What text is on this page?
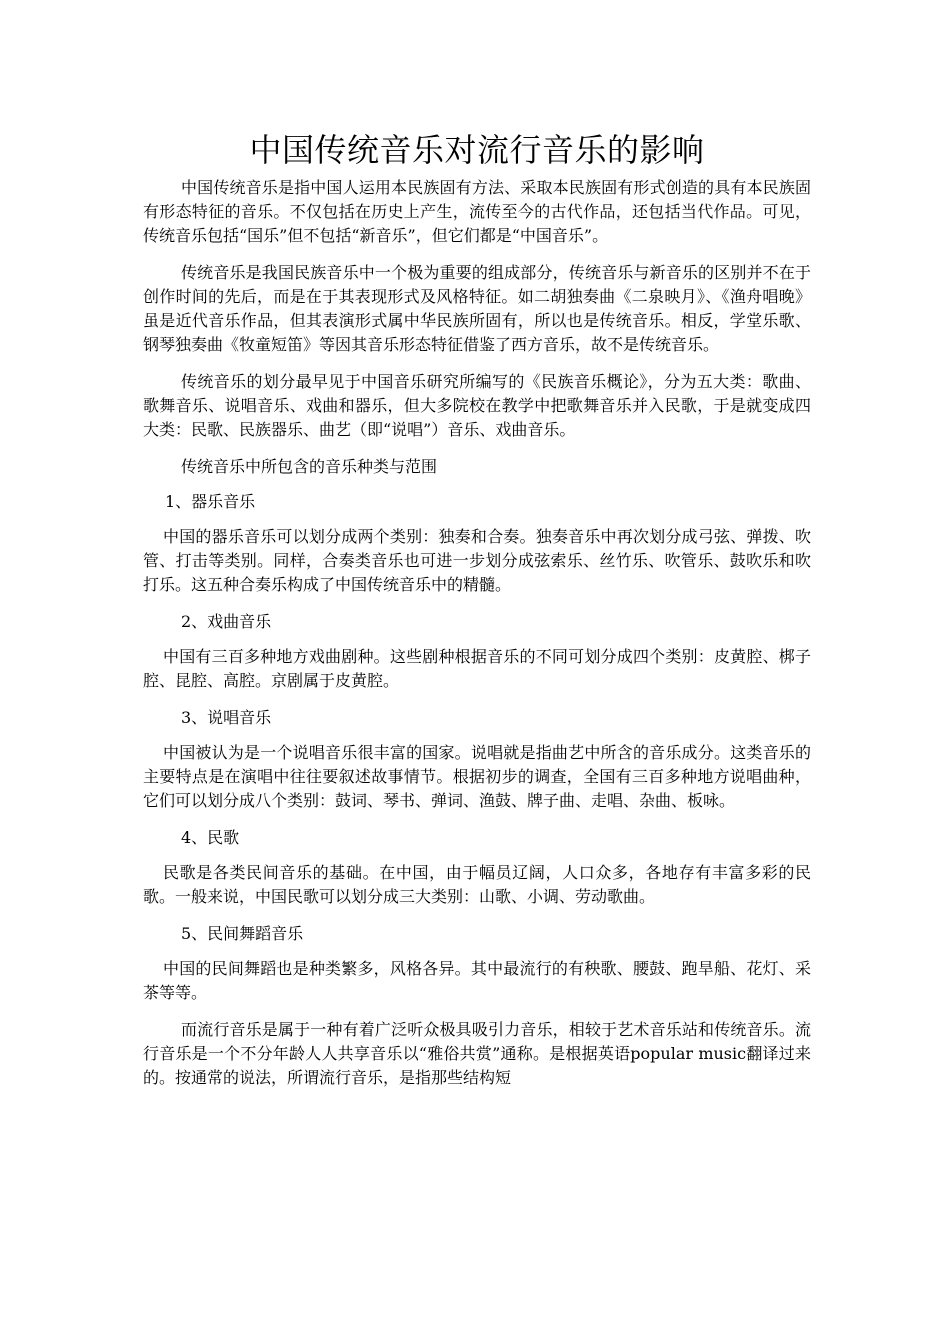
中国传统音乐对流行音乐的影响

中国传统音乐是指中国人运用本民族固有方法、采取本民族固有形式创造的具有本民族固有形态特征的音乐。不仅包括在历史上产生，流传至今的古代作品，还包括当代作品。可见，传统音乐包括“国乐”但不包括“新音乐”，但它们都是“中国音乐”。

传统音乐是我国民族音乐中一个极为重要的组成部分，传统音乐与新音乐的区别并不在于创作时间的先后，而是在于其表现形式及风格特征。如二胡独奏曲《二泉映月》、《渔舟唱晚》虽是近代音乐作品，但其表演形式属中华民族所固有，所以也是传统音乐。相反，学堂乐歌、钢琴独奏曲《牧童短笛》等因其音乐形态特征借鉴了西方音乐，故不是传统音乐。

传统音乐的划分最早见于中国音乐研究所编写的《民族音乐概论》，分为五大类：歌曲、歌舞音乐、说唱音乐、戏曲和器乐，但大多院校在教学中把歌舞音乐并入民歌，于是就变成四大类：民歌、民族器乐、曲艺（即“说唱”）音乐、戏曲音乐。

传统音乐中所包含的音乐种类与范围

1、器乐音乐

中国的器乐音乐可以划分成两个类别：独奏和合奏。独奏音乐中再次划分成弓弦、弹拨、吹管、打击等类别。同样，合奏类音乐也可进一步划分成弦索乐、丝竹乐、吹管乐、鼓吹乐和吹打乐。这五种合奏乐构成了中国传统音乐中的精髓。

2、戏曲音乐

中国有三百多种地方戏曲剧种。这些剧种根据音乐的不同可划分成四个类别：皮黄腔、梆子腔、昆腔、高腔。京剧属于皮黄腔。

3、说唱音乐

中国被认为是一个说唱音乐很丰富的国家。说唱就是指曲艺中所含的音乐成分。这类音乐的主要特点是在演唱中往往要叙述故事情节。根据初步的调查，全国有三百多种地方说唱曲种，它们可以划分成八个类别：鼓词、琴书、弹词、渔鼓、牌子曲、走唱、杂曲、板咏。

4、民歌

民歌是各类民间音乐的基础。在中国，由于幅员辽阔，人口众多，各地存有丰富多彩的民歌。一般来说，中国民歌可以划分成三大类别：山歌、小调、劳动歌曲。

5、民间舞蹈音乐

中国的民间舞蹈也是种类繁多，风格各异。其中最流行的有秧歌、腰鼓、跑旱船、花灯、采茶等等。

而流行音乐是属于一种有着广泛听众极具吸引力音乐，相较于艺术音乐站和传统音乐。流行音乐是一个不分年龄人人共享音乐以“雅俗共赏”通称。是根据英语popular music翻译过来的。按通常的说法，所谓流行音乐，是指那些结构短
